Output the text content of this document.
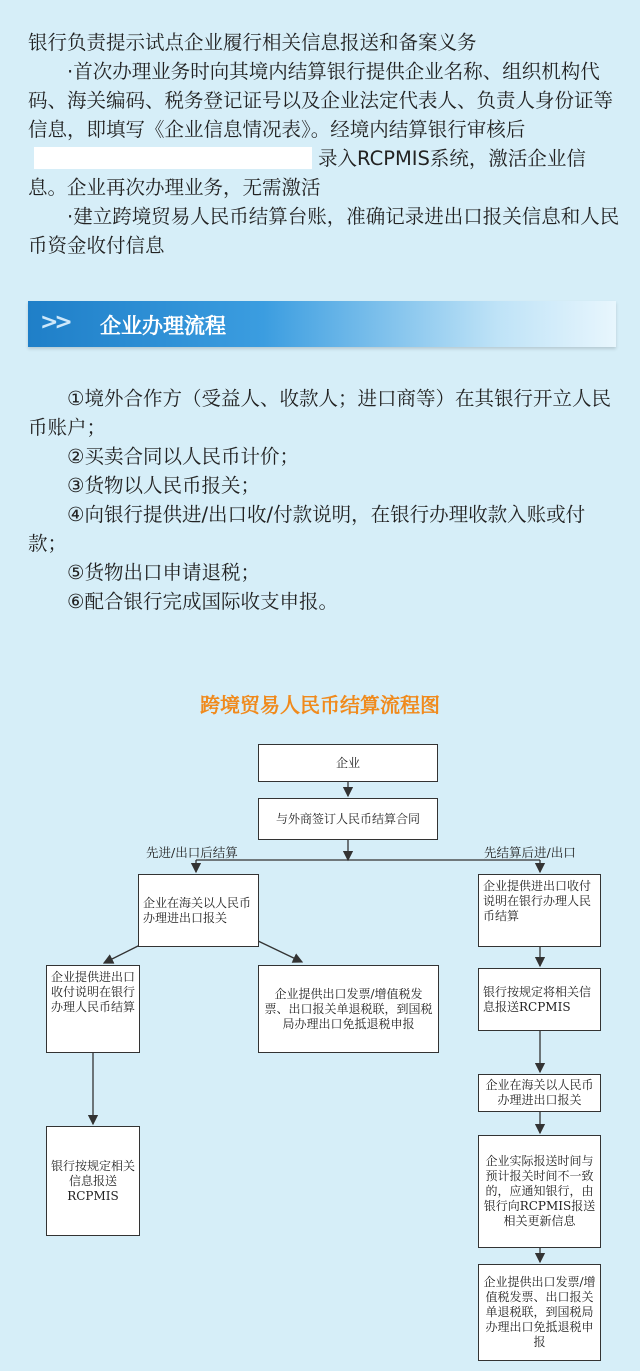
银行负责提示试点企业履行相关信息报送和备案义务

·首次办理业务时向其境内结算银行提供企业名称、组织机构代码、海关编码、税务登记证号以及企业法定代表人、负责人身份证等信息，即填写《企业信息情况表》。经境内结算银行审核后录入RCPMIS系统，激活企业信息。企业再次办理业务，无需激活

·建立跨境贸易人民币结算台账，准确记录进出口报关信息和人民币资金收付信息

>> 企业办理流程
①境外合作方（受益人、收款人；进口商等）在其银行开立人民币账户；
②买卖合同以人民币计价；
③货物以人民币报关；
④向银行提供进/出口收/付款说明，在银行办理收款入账或付款；
⑤货物出口申请退税；
⑥配合银行完成国际收支申报。
跨境贸易人民币结算流程图
先进/出口后结算	先结算后进/出口
企业
与外商签订人民币结算合同
企业在海关以人民币办理进出口报关
企业提供进出口收付说明在银行办理人民币结算
企业提供进出口收付说明在银行办理人民币结算
企业提供出口发票/增值税发票、出口报关单退税联，到国税局办理出口免抵退税申报
银行按规定将相关信息报送RCPMIS
企业在海关以人民币办理进出口报关
银行按规定相关信息报送RCPMIS
企业实际报送时间与预计报关时间不一致的，应通知银行，由银行向RCPMIS报送相关更新信息
企业提供出口发票/增值税发票、出口报关单退税联，到国税局办理出口免抵退税申报
